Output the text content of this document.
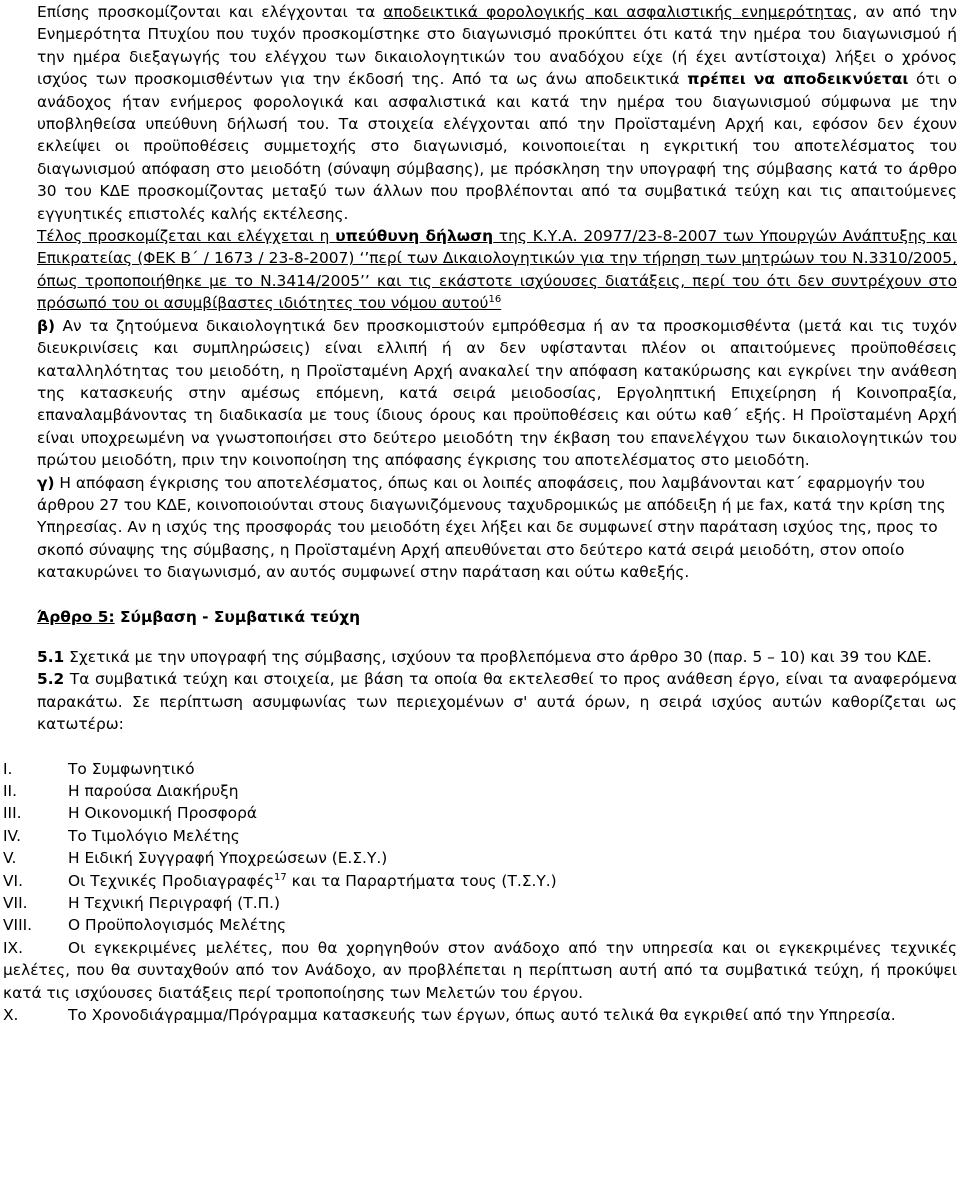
Επίσης προσκομίζονται και ελέγχονται τα αποδεικτικά φορολογικής και ασφαλιστικής ενημερότητας, αν από την Ενημερότητα Πτυχίου που τυχόν προσκομίστηκε στο διαγωνισμό προκύπτει ότι κατά την ημέρα του διαγωνισμού ή την ημέρα διεξαγωγής του ελέγχου των δικαιολογητικών του αναδόχου είχε (ή έχει αντίστοιχα) λήξει ο χρόνος ισχύος των προσκομισθέντων για την έκδοσή της. Από τα ως άνω αποδεικτικά πρέπει να αποδεικνύεται ότι ο ανάδοχος ήταν ενήμερος φορολογικά και ασφαλιστικά και κατά την ημέρα του διαγωνισμού σύμφωνα με την υποβληθείσα υπεύθυνη δήλωσή του. Τα στοιχεία ελέγχονται από την Προϊσταμένη Αρχή και, εφόσον δεν έχουν εκλείψει οι προϋποθέσεις συμμετοχής στο διαγωνισμό, κοινοποιείται η εγκριτική του αποτελέσματος του διαγωνισμού απόφαση στο μειοδότη (σύναψη σύμβασης), με πρόσκληση την υπογραφή της σύμβασης κατά το άρθρο 30 του ΚΔΕ προσκομίζοντας μεταξύ των άλλων που προβλέπονται από τα συμβατικά τεύχη και τις απαιτούμενες εγγυητικές επιστολές καλής εκτέλεσης.

Τέλος προσκομίζεται και ελέγχεται η υπεύθυνη δήλωση της Κ.Υ.Α. 20977/23-8-2007 των Υπουργών Ανάπτυξης και Επικρατείας (ΦΕΚ Β΄ / 1673 / 23-8-2007) ‘’περί των Δικαιολογητικών για την τήρηση των μητρώων του Ν.3310/2005, όπως τροποποιήθηκε με το Ν.3414/2005’’ και τις εκάστοτε ισχύουσες διατάξεις, περί του ότι δεν συντρέχουν στο πρόσωπό του οι ασυμβίβαστες ιδιότητες του νόμου αυτού$^{16}$

β) Αν τα ζητούμενα δικαιολογητικά δεν προσκομιστούν εμπρόθεσμα ή αν τα προσκομισθέντα (μετά και τις τυχόν διευκρινίσεις και συμπληρώσεις) είναι ελλιπή ή αν δεν υφίστανται πλέον οι απαιτούμενες προϋποθέσεις καταλληλότητας του μειοδότη, η Προϊσταμένη Αρχή ανακαλεί την απόφαση κατακύρωσης και εγκρίνει την ανάθεση της κατασκευής στην αμέσως επόμενη, κατά σειρά μειοδοσίας, Εργοληπτική Επιχείρηση ή Κοινοπραξία, επαναλαμβάνοντας τη διαδικασία με τους ίδιους όρους και προϋποθέσεις και ούτω καθ΄ εξής. Η Προϊσταμένη Αρχή είναι υποχρεωμένη να γνωστοποιήσει στο δεύτερο μειοδότη την έκβαση του επανελέγχου των δικαιολογητικών του πρώτου μειοδότη, πριν την κοινοποίηση της απόφασης έγκρισης του αποτελέσματος στο μειοδότη.

γ) Η απόφαση έγκρισης του αποτελέσματος, όπως και οι λοιπές αποφάσεις, που λαμβάνονται κατ΄ εφαρμογήν του άρθρου 27 του ΚΔΕ, κοινοποιούνται στους διαγωνιζόμενους ταχυδρομικώς με απόδειξη ή με fax, κατά την κρίση της Υπηρεσίας. Αν η ισχύς της προσφοράς του μειοδότη έχει λήξει και δε συμφωνεί στην παράταση ισχύος της, προς το σκοπό σύναψης της σύμβασης, η Προϊσταμένη Αρχή απευθύνεται στο δεύτερο κατά σειρά μειοδότη, στον οποίο κατακυρώνει το διαγωνισμό, αν αυτός συμφωνεί στην παράταση και ούτω καθεξής.

Άρθρο 5: Σύμβαση - Συμβατικά τεύχη

5.1 Σχετικά με την υπογραφή της σύμβασης, ισχύουν τα προβλεπόμενα στο άρθρο 30 (παρ. 5 – 10) και 39 του ΚΔΕ.

5.2 Τα συμβατικά τεύχη και στοιχεία, με βάση τα οποία θα εκτελεσθεί το προς ανάθεση έργο, είναι τα αναφερόμενα παρακάτω. Σε περίπτωση ασυμφωνίας των περιεχομένων σ' αυτά όρων, η σειρά ισχύος αυτών καθορίζεται ως κατωτέρω:

I.	Το Συμφωνητικό
II.	Η παρούσα Διακήρυξη
III.	Η Οικονομική Προσφορά
IV.	Το Τιμολόγιο Μελέτης
V.	Η Ειδική Συγγραφή Υποχρεώσεων (Ε.Σ.Υ.)
VI.	Οι Τεχνικές Προδιαγραφές$^{17}$ και τα Παραρτήματα τους (Τ.Σ.Υ.)
VII.	Η Τεχνική Περιγραφή (Τ.Π.)
VIII.	Ο Προϋπολογισμός Μελέτης
IX.	Οι εγκεκριμένες μελέτες, που θα χορηγηθούν στον ανάδοχο από την υπηρεσία και οι εγκεκριμένες τεχνικές μελέτες, που θα συνταχθούν από τον Ανάδοχο, αν προβλέπεται η περίπτωση αυτή από τα συμβατικά τεύχη, ή προκύψει κατά τις ισχύουσες διατάξεις περί τροποποίησης των Μελετών του έργου.
X.	Το Χρονοδιάγραμμα/Πρόγραμμα κατασκευής των έργων, όπως αυτό τελικά θα εγκριθεί από την Υπηρεσία.
